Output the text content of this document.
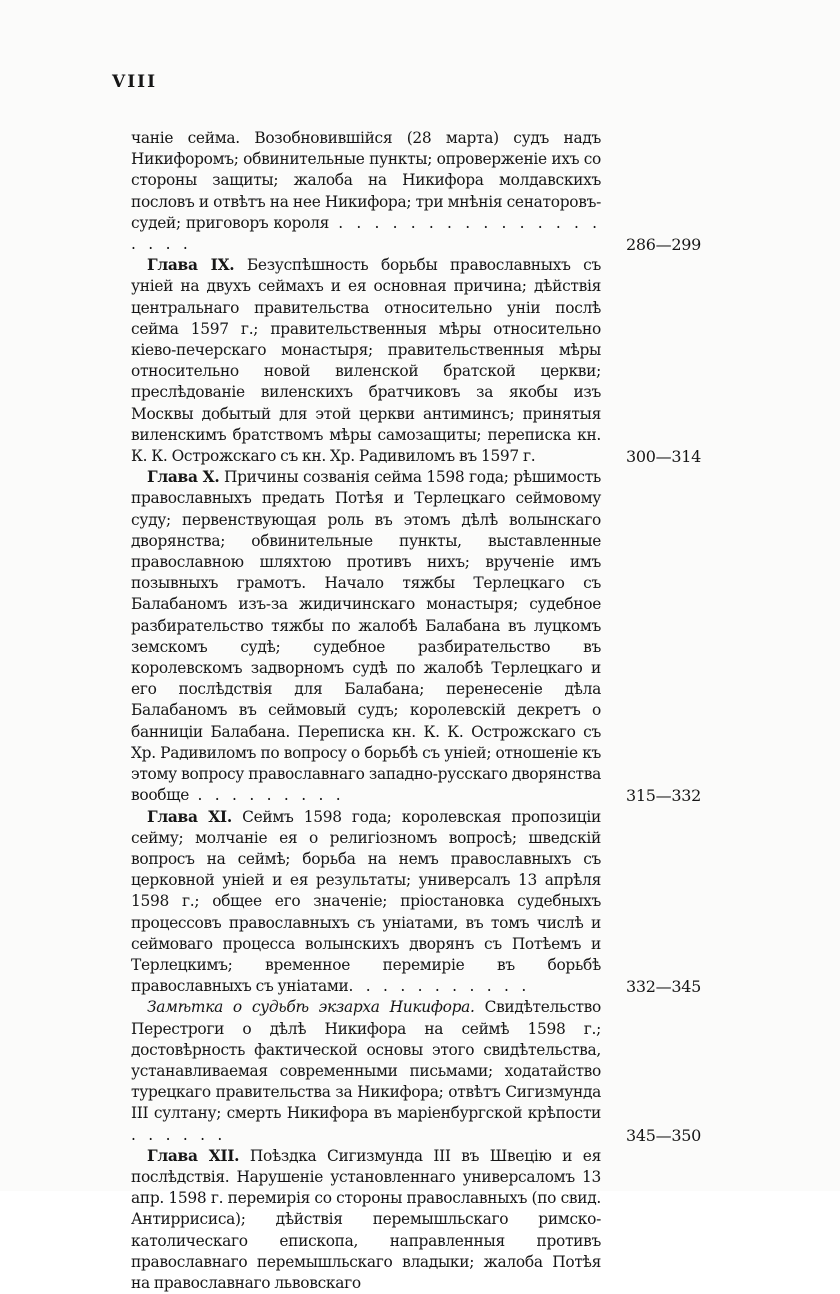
VIII
чаніе сейма. Возобновившійся (28 марта) судъ надъ Никифоромъ; обвинительные пункты; опроверженіе ихъ со стороны защиты; жалоба на Никифора молдавскихъ пословъ и отвѣтъ на нее Никифора; три мнѣнія сенаторовъ-судей; приговоръ короля . . . . . . . . . . . . . . . . . . .	286—299
Глава IX. Безуспѣшность борьбы православныхъ съ уніей на двухъ сеймахъ и ея основная причина; дѣйствія центральнаго правительства относительно уніи послѣ сейма 1597 г.; правительственныя мѣры относительно кіево-печерскаго монастыря; правительственныя мѣры относительно новой виленской братской церкви; преслѣдованіе виленскихъ братчиковъ за якобы изъ Москвы добытый для этой церкви антиминсъ; принятыя виленскимъ братствомъ мѣры самозащиты; переписка кн. К. К. Острожскаго съ кн. Хр. Радивиломъ въ 1597 г.	300—314
Глава X. Причины созванія сейма 1598 года; рѣшимость православныхъ предать Потѣя и Терлецкаго сеймовому суду; первенствующая роль въ этомъ дѣлѣ волынскаго дворянства; обвинительные пункты, выставленные православною шляхтою противъ нихъ; врученіе имъ позывныхъ грамотъ. Начало тяжбы Терлецкаго съ Балабаномъ изъ-за жидичинскаго монастыря; судебное разбирательство тяжбы по жалобѣ Балабана въ луцкомъ земскомъ судѣ; судебное разбирательство въ королевскомъ задворномъ судѣ по жалобѣ Терлецкаго и его послѣдствія для Балабана; перенесеніе дѣла Балабаномъ въ сеймовый судъ; королевскій декретъ о банниціи Балабана. Переписка кн. К. К. Острожскаго съ Хр. Радивиломъ по вопросу о борьбѣ съ уніей; отношеніе къ этому вопросу православнаго западно-русскаго дворянства вообще . . . . . . . . .	315—332
Глава XI. Сеймъ 1598 года; королевская пропозиціи сейму; молчаніе ея о религіозномъ вопросѣ; шведскій вопросъ на сеймѣ; борьба на немъ православныхъ съ церковной уніей и ея результаты; универсалъ 13 апрѣля 1598 г.; общее его значеніе; пріостановка судебныхъ процессовъ православныхъ съ уніатами, въ томъ числѣ и сеймоваго процесса волынскихъ дворянъ съ Потѣемъ и Терлецкимъ; временное перемиріе въ борьбѣ православныхъ съ уніатами. . . . . . . . . . .	332—345
Замѣтка о судьбѣ экзарха Никифора. Свидѣтельство Перестроги о дѣлѣ Никифора на сеймѣ 1598 г.; достовѣрность фактической основы этого свидѣтельства, устанавливаемая современными письмами; ходатайство турецкаго правительства за Никифора; отвѣтъ Сигизмунда III султану; смерть Никифора въ маріенбургской крѣпости . . . . . .	345—350
Глава XII. Поѣздка Сигизмунда III въ Швецію и ея послѣдствія. Нарушеніе установленнаго универсаломъ 13 апр. 1598 г. перемирія со стороны православныхъ (по свид. Антиррисиса); дѣйствія перемышльскаго римско-католическаго епископа, направленныя противъ православнаго перемышльскаго владыки; жалоба Потѣя на православнаго львовскаго
